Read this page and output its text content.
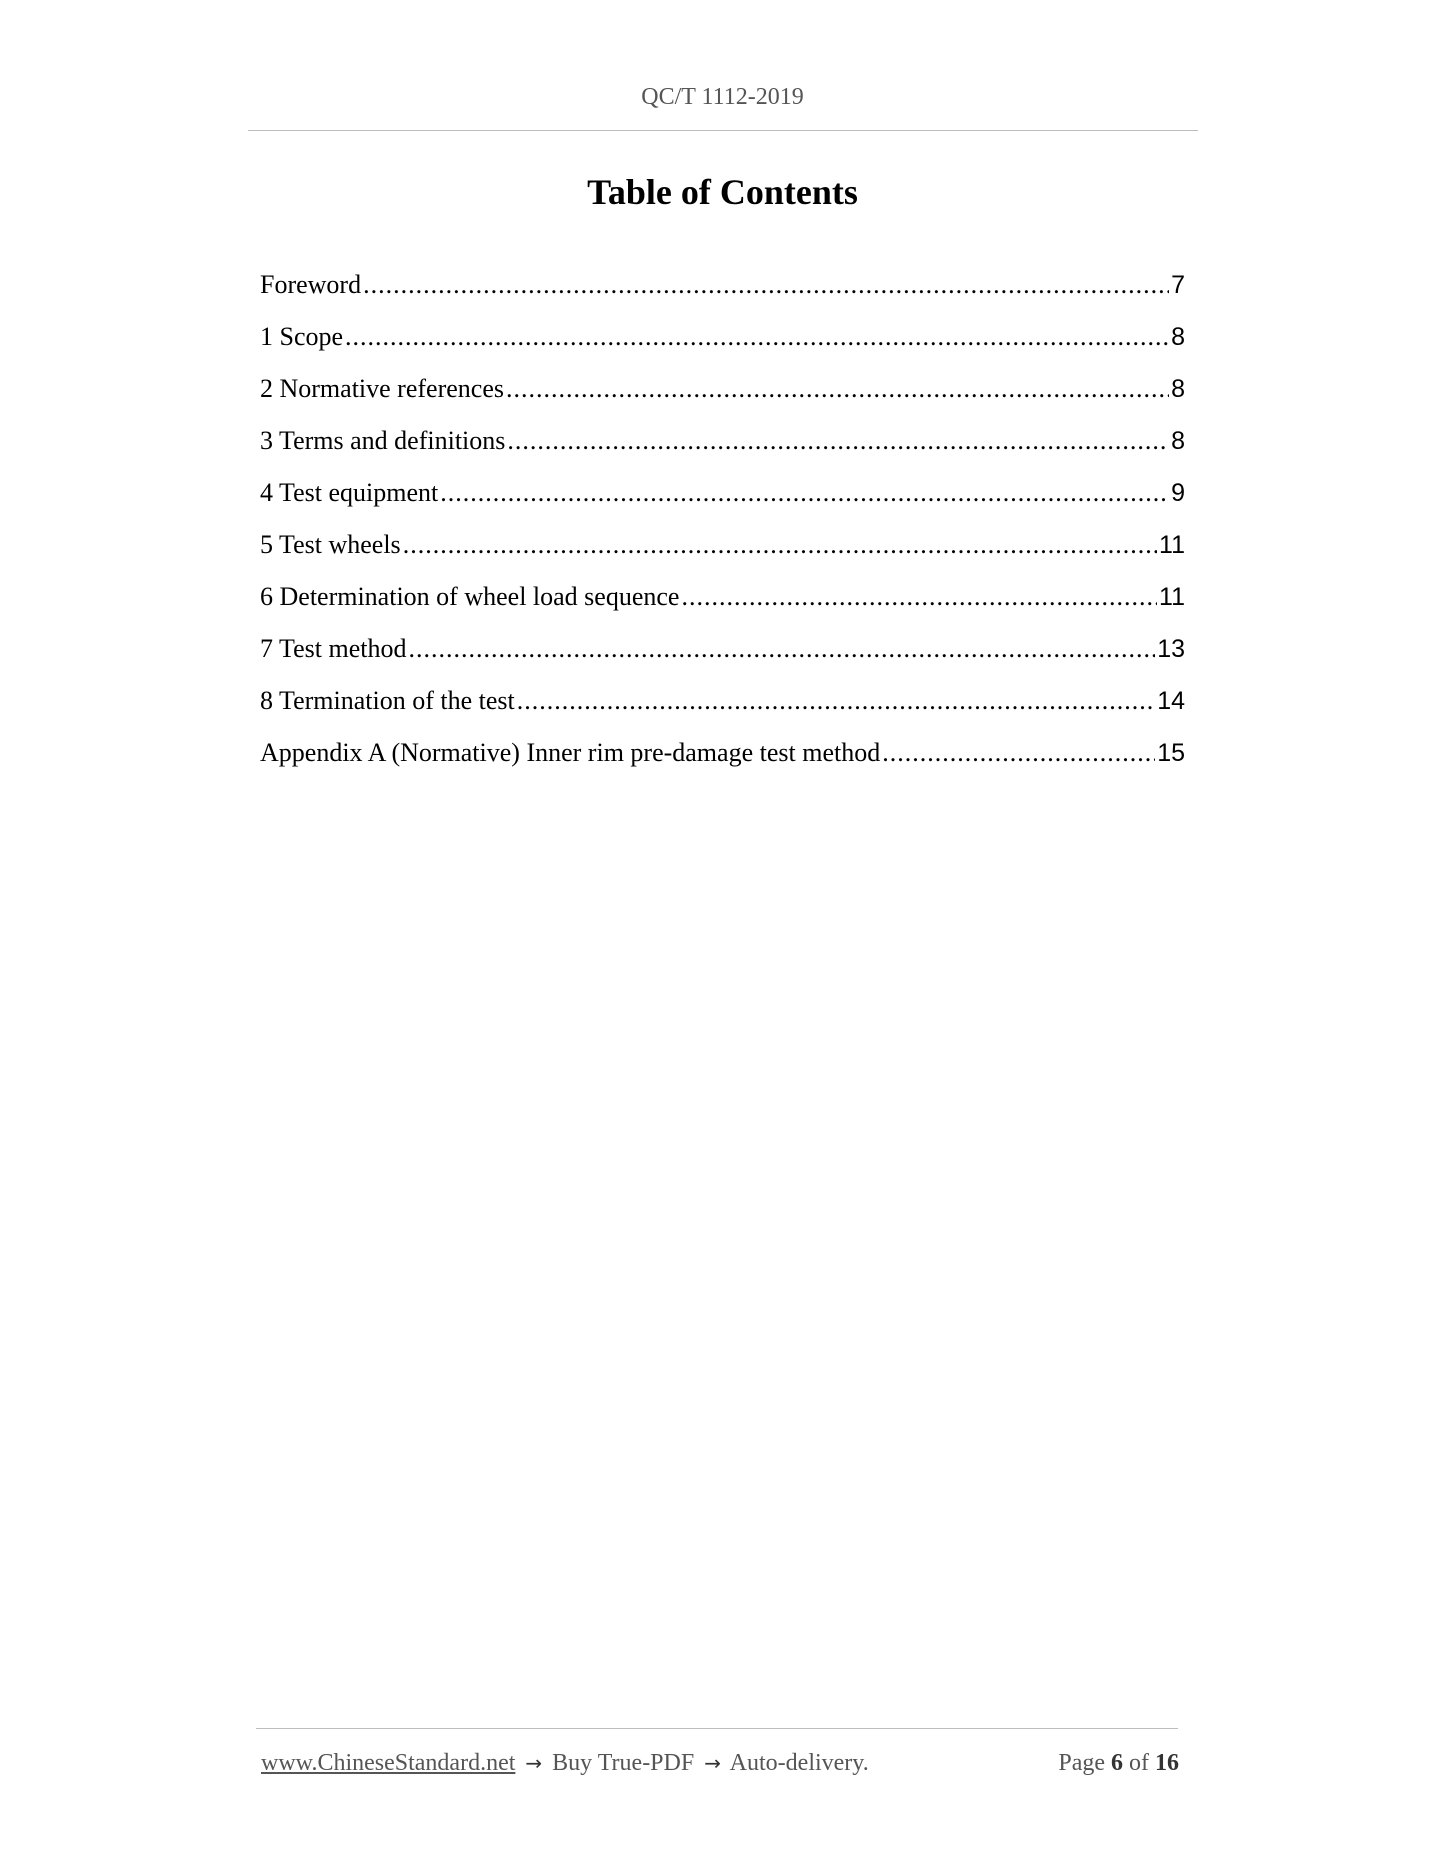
QC/T 1112-2019
Table of Contents
Foreword .....	7
1 Scope .....	8
2 Normative references .....	8
3 Terms and definitions .....	8
4 Test equipment .....	9
5 Test wheels .....	11
6 Determination of wheel load sequence .....	11
7 Test method .....	13
8 Termination of the test .....	14
Appendix A (Normative) Inner rim pre-damage test method .....	15
www.ChineseStandard.net → Buy True-PDF → Auto-delivery.	Page 6 of 16
